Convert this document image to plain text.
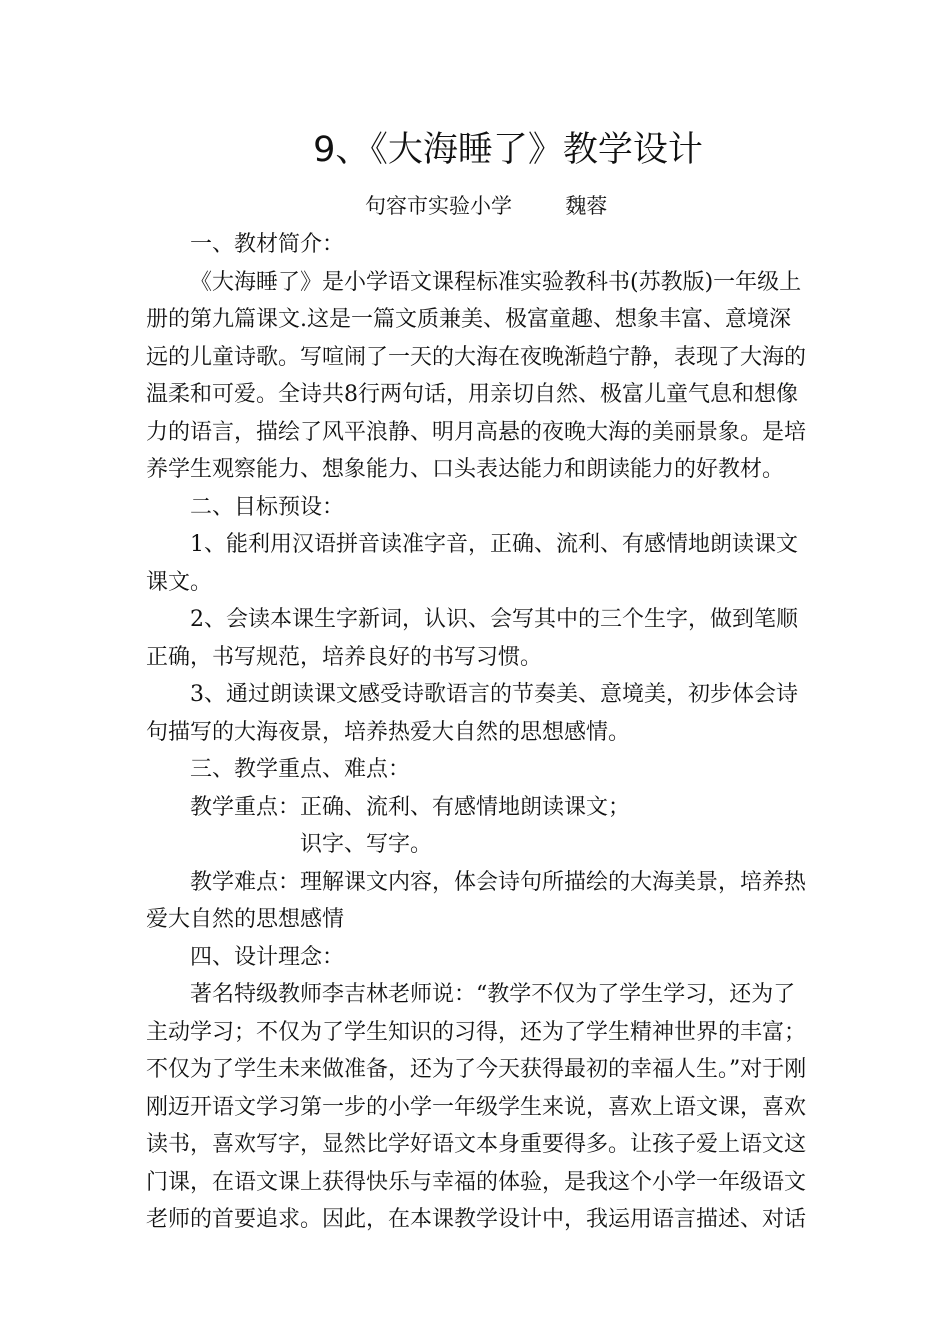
9、《大海睡了》教学设计
句容市实验小学	魏蓉

一、教材简介：

《大海睡了》是小学语文课程标准实验教科书(苏教版)一年级上册的第九篇课文.这是一篇文质兼美、极富童趣、想象丰富、意境深远的儿童诗歌。写喧闹了一天的大海在夜晚渐趋宁静，表现了大海的温柔和可爱。全诗共8行两句话，用亲切自然、极富儿童气息和想像力的语言，描绘了风平浪静、明月高悬的夜晚大海的美丽景象。是培养学生观察能力、想象能力、口头表达能力和朗读能力的好教材。

二、目标预设：

1、能利用汉语拼音读准字音，正确、流利、有感情地朗读课文课文。

2、会读本课生字新词，认识、会写其中的三个生字，做到笔顺正确，书写规范，培养良好的书写习惯。

3、通过朗读课文感受诗歌语言的节奏美、意境美，初步体会诗句描写的大海夜景，培养热爱大自然的思想感情。

三、教学重点、难点：

教学重点：正确、流利、有感情地朗读课文；

识字、写字。

教学难点：理解课文内容，体会诗句所描绘的大海美景，培养热爱大自然的思想感情

四、设计理念：

著名特级教师李吉林老师说：“教学不仅为了学生学习，还为了主动学习；不仅为了学生知识的习得，还为了学生精神世界的丰富；不仅为了学生未来做准备，还为了今天获得最初的幸福人生。”对于刚刚迈开语文学习第一步的小学一年级学生来说，喜欢上语文课，喜欢读书，喜欢写字，显然比学好语文本身重要得多。让孩子爱上语文这门课，在语文课上获得快乐与幸福的体验，是我这个小学一年级语文老师的首要追求。因此，在本课教学设计中，我运用语言描述、对话
